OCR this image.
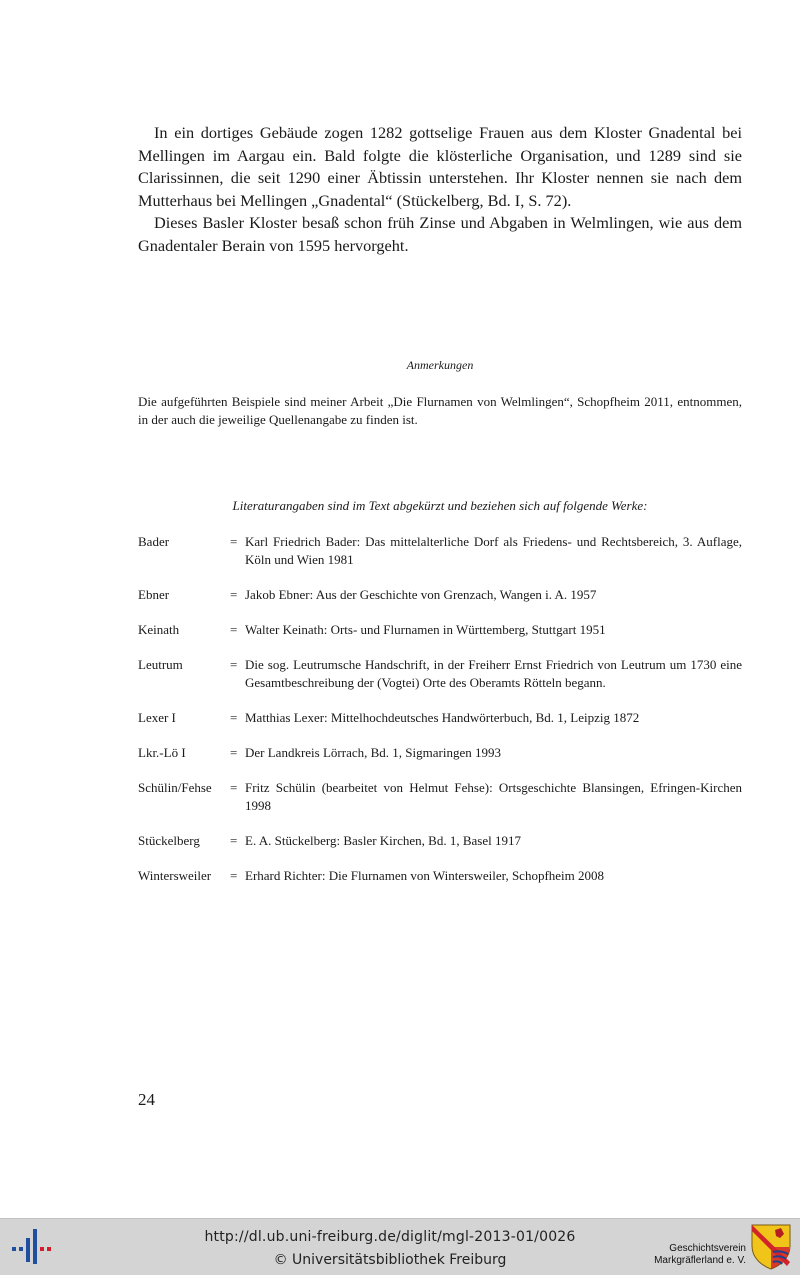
In ein dortiges Gebäude zogen 1282 gottselige Frauen aus dem Kloster Gnadental bei Mellingen im Aargau ein. Bald folgte die klösterliche Organisation, und 1289 sind sie Clarissinnen, die seit 1290 einer Äbtissin unterstehen. Ihr Kloster nennen sie nach dem Mutterhaus bei Mellingen „Gnadental“ (Stückelberg, Bd. I, S. 72).

Dieses Basler Kloster besaß schon früh Zinse und Abgaben in Welmlingen, wie aus dem Gnadentaler Berain von 1595 hervorgeht.

Anmerkungen

Die aufgeführten Beispiele sind meiner Arbeit „Die Flurnamen von Welmlingen“, Schopfheim 2011, entnommen, in der auch die jeweilige Quellenangabe zu finden ist.

Literaturangaben sind im Text abgekürzt und beziehen sich auf folgende Werke:

Bader	= Karl Friedrich Bader: Das mittelalterliche Dorf als Friedens- und Rechtsbereich, 3. Auflage, Köln und Wien 1981
Ebner	= Jakob Ebner: Aus der Geschichte von Grenzach, Wangen i. A. 1957
Keinath	= Walter Keinath: Orts- und Flurnamen in Württemberg, Stuttgart 1951
Leutrum	= Die sog. Leutrumsche Handschrift, in der Freiherr Ernst Friedrich von Leutrum um 1730 eine Gesamtbeschreibung der (Vogtei) Orte des Oberamts Rötteln begann.
Lexer I	= Matthias Lexer: Mittelhochdeutsches Handwörterbuch, Bd. 1, Leipzig 1872
Lkr.-Lö I	= Der Landkreis Lörrach, Bd. 1, Sigmaringen 1993
Schülin/Fehse	= Fritz Schülin (bearbeitet von Helmut Fehse): Ortsgeschichte Blansingen, Efringen-Kirchen 1998
Stückelberg	= E. A. Stückelberg: Basler Kirchen, Bd. 1, Basel 1917
Wintersweiler	= Erhard Richter: Die Flurnamen von Wintersweiler, Schopfheim 2008
24
http://dl.ub.uni-freiburg.de/diglit/mgl-2013-01/0026
© Universitätsbibliothek Freiburg
Geschichtsverein
Markgräflerland e. V.
